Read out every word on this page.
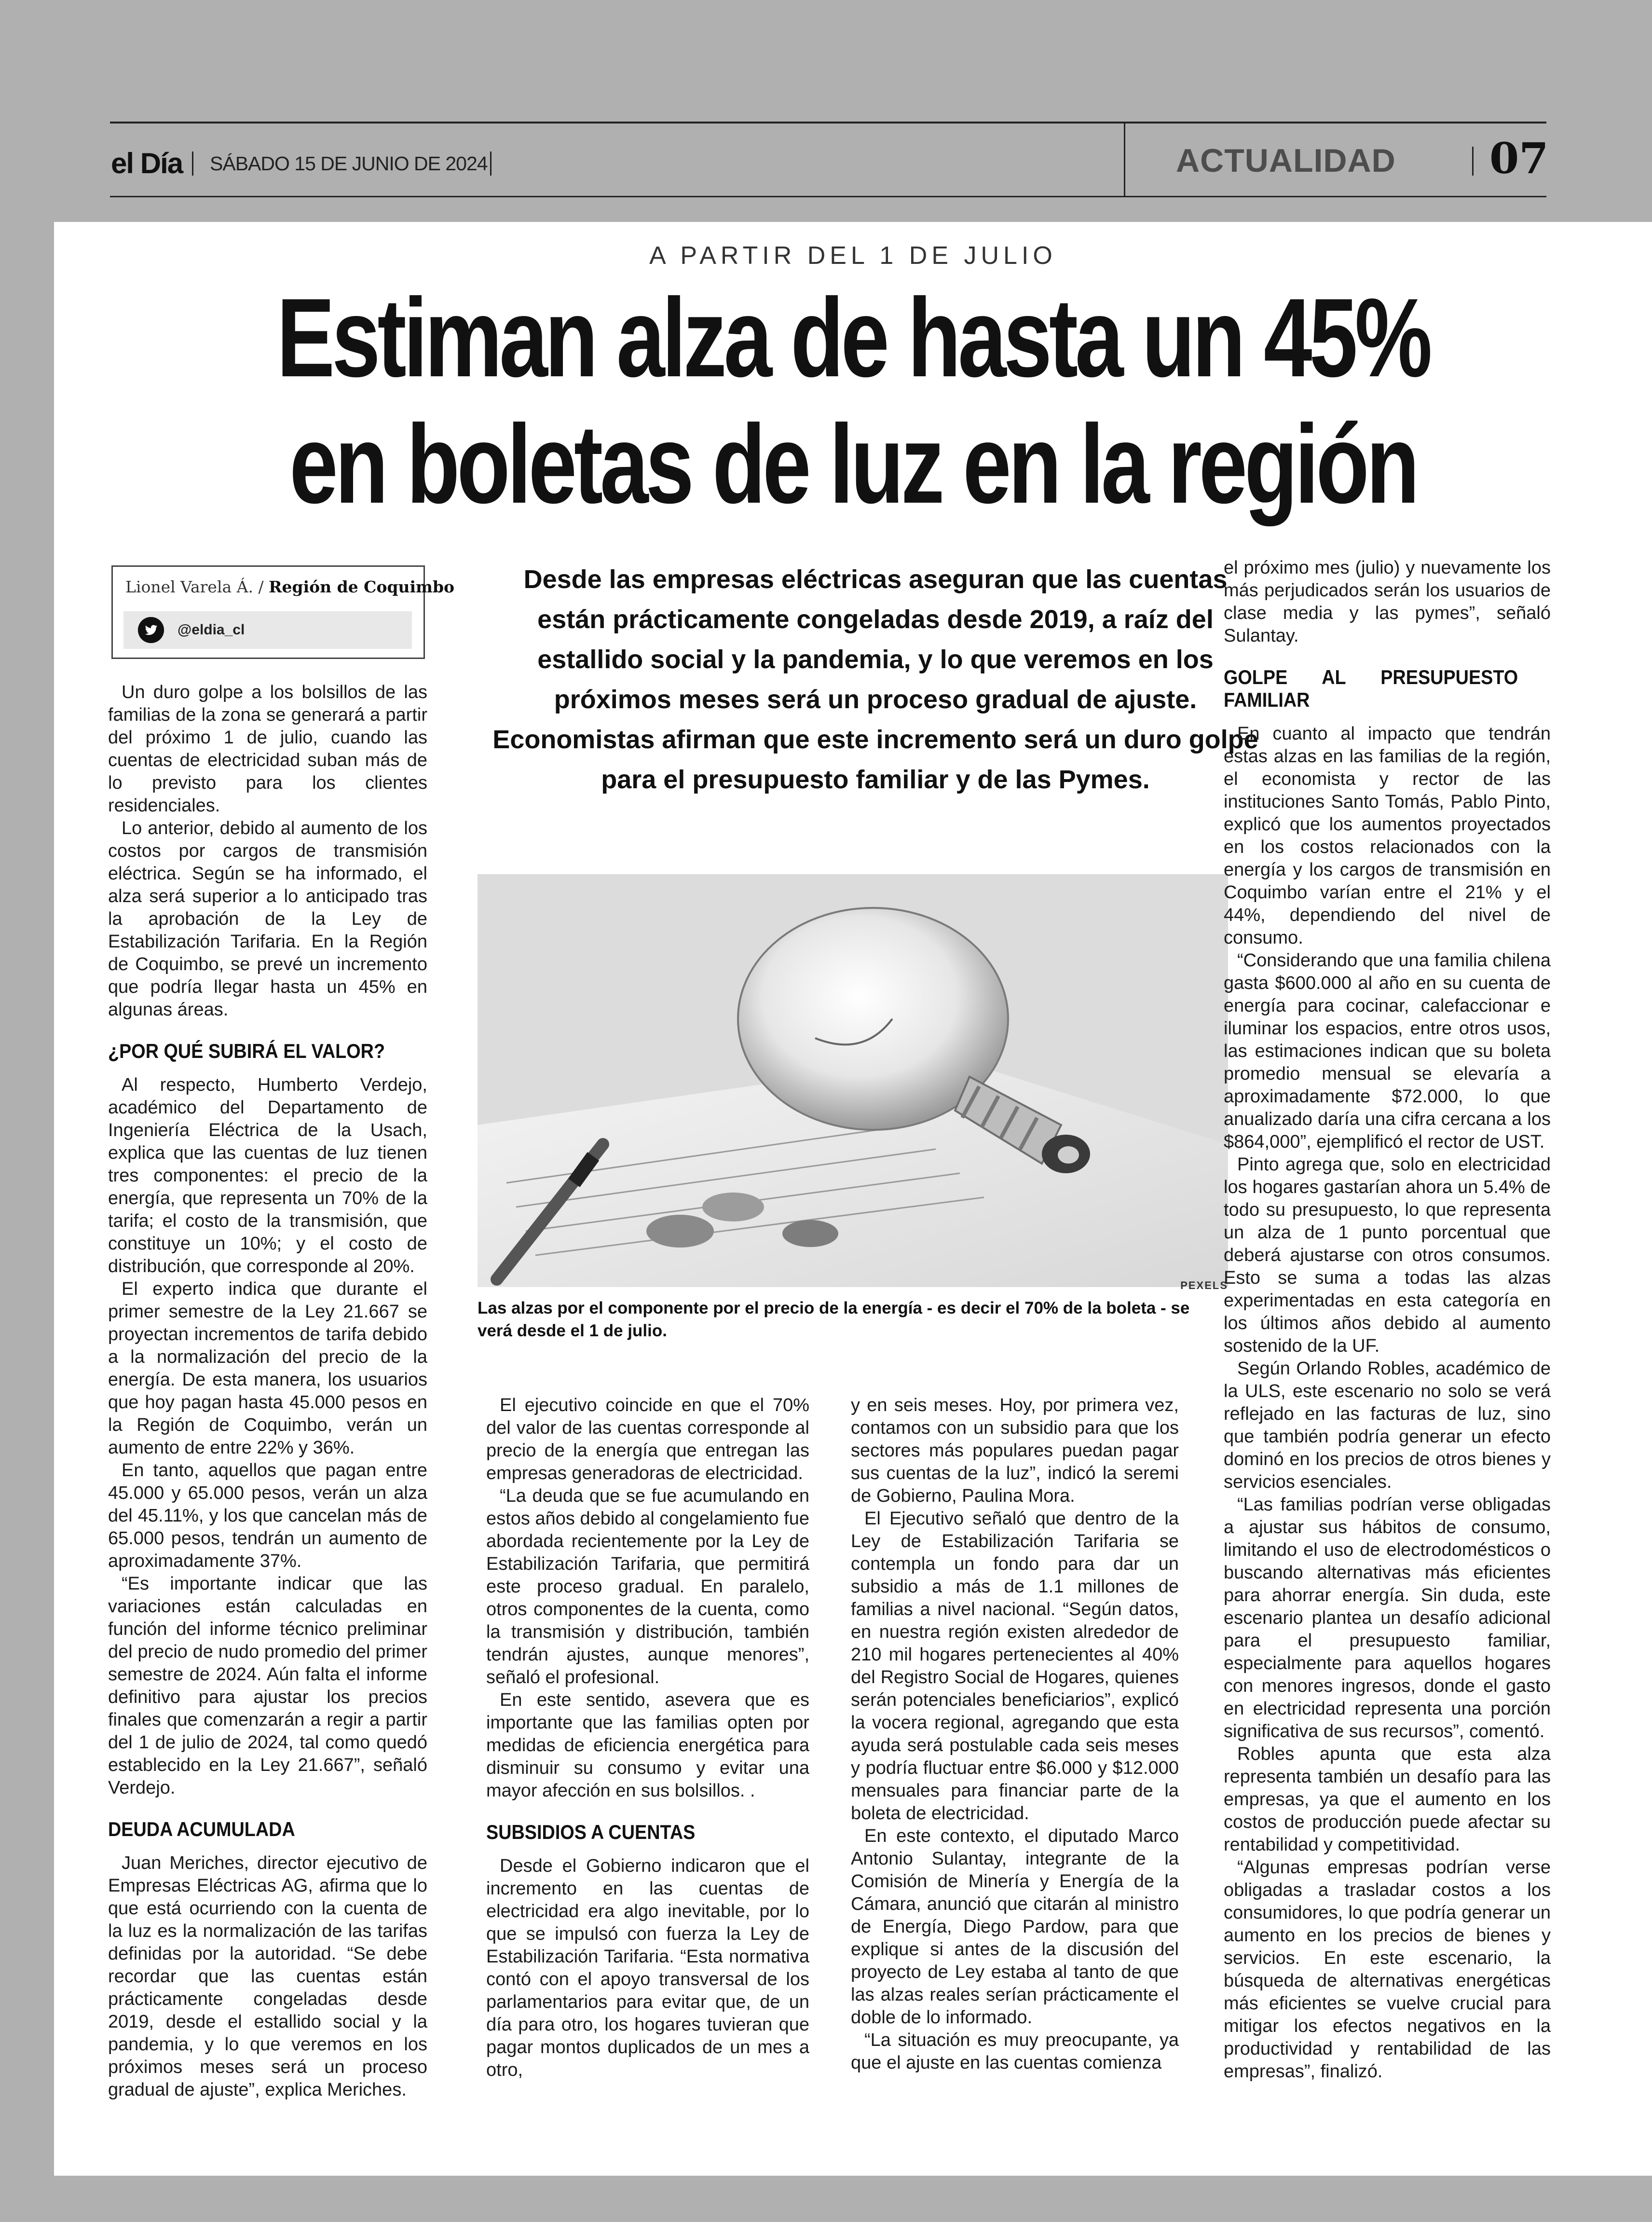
el Día SÁBADO 15 DE JUNIO DE 2024	ACTUALIDAD 07
A PARTIR DEL 1 DE JULIO
Estiman alza de hasta un 45%
en boletas de luz en la región
Lionel Varela Á. / Región de Coquimbo
@eldia_cl

Un duro golpe a los bolsillos de las familias de la zona se generará a partir del próximo 1 de julio, cuando las cuentas de electricidad suban más de lo previsto para los clientes residenciales.

Lo anterior, debido al aumento de los costos por cargos de transmisión eléctrica. Según se ha informado, el alza será superior a lo anticipado tras la aprobación de la Ley de Estabilización Tarifaria. En la Región de Coquimbo, se prevé un incremento que podría llegar hasta un 45% en algunas áreas.

¿POR QUÉ SUBIRÁ EL VALOR?

Al respecto, Humberto Verdejo, académico del Departamento de Ingeniería Eléctrica de la Usach, explica que las cuentas de luz tienen tres componentes: el precio de la energía, que representa un 70% de la tarifa; el costo de la transmisión, que constituye un 10%; y el costo de distribución, que corresponde al 20%.

El experto indica que durante el primer semestre de la Ley 21.667 se proyectan incrementos de tarifa debido a la normalización del precio de la energía. De esta manera, los usuarios que hoy pagan hasta 45.000 pesos en la Región de Coquimbo, verán un aumento de entre 22% y 36%.

En tanto, aquellos que pagan entre 45.000 y 65.000 pesos, verán un alza del 45.11%, y los que cancelan más de 65.000 pesos, tendrán un aumento de aproximadamente 37%.

“Es importante indicar que las variaciones están calculadas en función del informe técnico preliminar del precio de nudo promedio del primer semestre de 2024. Aún falta el informe definitivo para ajustar los precios finales que comenzarán a regir a partir del 1 de julio de 2024, tal como quedó establecido en la Ley 21.667”, señaló Verdejo.

DEUDA ACUMULADA

Juan Meriches, director ejecutivo de Empresas Eléctricas AG, afirma que lo que está ocurriendo con la cuenta de la luz es la normalización de las tarifas definidas por la autoridad. “Se debe recordar que las cuentas están prácticamente congeladas desde 2019, desde el estallido social y la pandemia, y lo que veremos en los próximos meses será un proceso gradual de ajuste”, explica Meriches.

Desde las empresas eléctricas aseguran que las cuentas están prácticamente congeladas desde 2019, a raíz del estallido social y la pandemia, y lo que veremos en los próximos meses será un proceso gradual de ajuste. Economistas afirman que este incremento será un duro golpe para el presupuesto familiar y de las Pymes.
PEXELS
Las alzas por el componente por el precio de la energía - es decir el 70% de la boleta - se verá desde el 1 de julio.

El ejecutivo coincide en que el 70% del valor de las cuentas corresponde al precio de la energía que entregan las empresas generadoras de electricidad.

“La deuda que se fue acumulando en estos años debido al congelamiento fue abordada recientemente por la Ley de Estabilización Tarifaria, que permitirá este proceso gradual. En paralelo, otros componentes de la cuenta, como la transmisión y distribución, también tendrán ajustes, aunque menores”, señaló el profesional.

En este sentido, asevera que es importante que las familias opten por medidas de eficiencia energética para disminuir su consumo y evitar una mayor afección en sus bolsillos. .

SUBSIDIOS A CUENTAS

Desde el Gobierno indicaron que el incremento en las cuentas de electricidad era algo inevitable, por lo que se impulsó con fuerza la Ley de Estabilización Tarifaria. “Esta normativa contó con el apoyo transversal de los parlamentarios para evitar que, de un día para otro, los hogares tuvieran que pagar montos duplicados de un mes a otro,

y en seis meses. Hoy, por primera vez, contamos con un subsidio para que los sectores más populares puedan pagar sus cuentas de la luz”, indicó la seremi de Gobierno, Paulina Mora.

El Ejecutivo señaló que dentro de la Ley de Estabilización Tarifaria se contempla un fondo para dar un subsidio a más de 1.1 millones de familias a nivel nacional. “Según datos, en nuestra región existen alrededor de 210 mil hogares pertenecientes al 40% del Registro Social de Hogares, quienes serán potenciales beneficiarios”, explicó la vocera regional, agregando que esta ayuda será postulable cada seis meses y podría fluctuar entre $6.000 y $12.000 mensuales para financiar parte de la boleta de electricidad.

En este contexto, el diputado Marco Antonio Sulantay, integrante de la Comisión de Minería y Energía de la Cámara, anunció que citarán al ministro de Energía, Diego Pardow, para que explique si antes de la discusión del proyecto de Ley estaba al tanto de que las alzas reales serían prácticamente el doble de lo informado.

“La situación es muy preocupante, ya que el ajuste en las cuentas comienza

el próximo mes (julio) y nuevamente los más perjudicados serán los usuarios de clase media y las pymes”, señaló Sulantay.

GOLPE AL PRESUPUESTO FAMILIAR

En cuanto al impacto que tendrán estas alzas en las familias de la región, el economista y rector de las instituciones Santo Tomás, Pablo Pinto, explicó que los aumentos proyectados en los costos relacionados con la energía y los cargos de transmisión en Coquimbo varían entre el 21% y el 44%, dependiendo del nivel de consumo.

“Considerando que una familia chilena gasta $600.000 al año en su cuenta de energía para cocinar, calefaccionar e iluminar los espacios, entre otros usos, las estimaciones indican que su boleta promedio mensual se elevaría a aproximadamente $72.000, lo que anualizado daría una cifra cercana a los $864,000”, ejemplificó el rector de UST.

Pinto agrega que, solo en electricidad los hogares gastarían ahora un 5.4% de todo su presupuesto, lo que representa un alza de 1 punto porcentual que deberá ajustarse con otros consumos. Esto se suma a todas las alzas experimentadas en esta categoría en los últimos años debido al aumento sostenido de la UF.

Según Orlando Robles, académico de la ULS, este escenario no solo se verá reflejado en las facturas de luz, sino que también podría generar un efecto dominó en los precios de otros bienes y servicios esenciales.

“Las familias podrían verse obligadas a ajustar sus hábitos de consumo, limitando el uso de electrodomésticos o buscando alternativas más eficientes para ahorrar energía. Sin duda, este escenario plantea un desafío adicional para el presupuesto familiar, especialmente para aquellos hogares con menores ingresos, donde el gasto en electricidad representa una porción significativa de sus recursos”, comentó.

Robles apunta que esta alza representa también un desafío para las empresas, ya que el aumento en los costos de producción puede afectar su rentabilidad y competitividad.

“Algunas empresas podrían verse obligadas a trasladar costos a los consumidores, lo que podría generar un aumento en los precios de bienes y servicios. En este escenario, la búsqueda de alternativas energéticas más eficientes se vuelve crucial para mitigar los efectos negativos en la productividad y rentabilidad de las empresas”, finalizó.
